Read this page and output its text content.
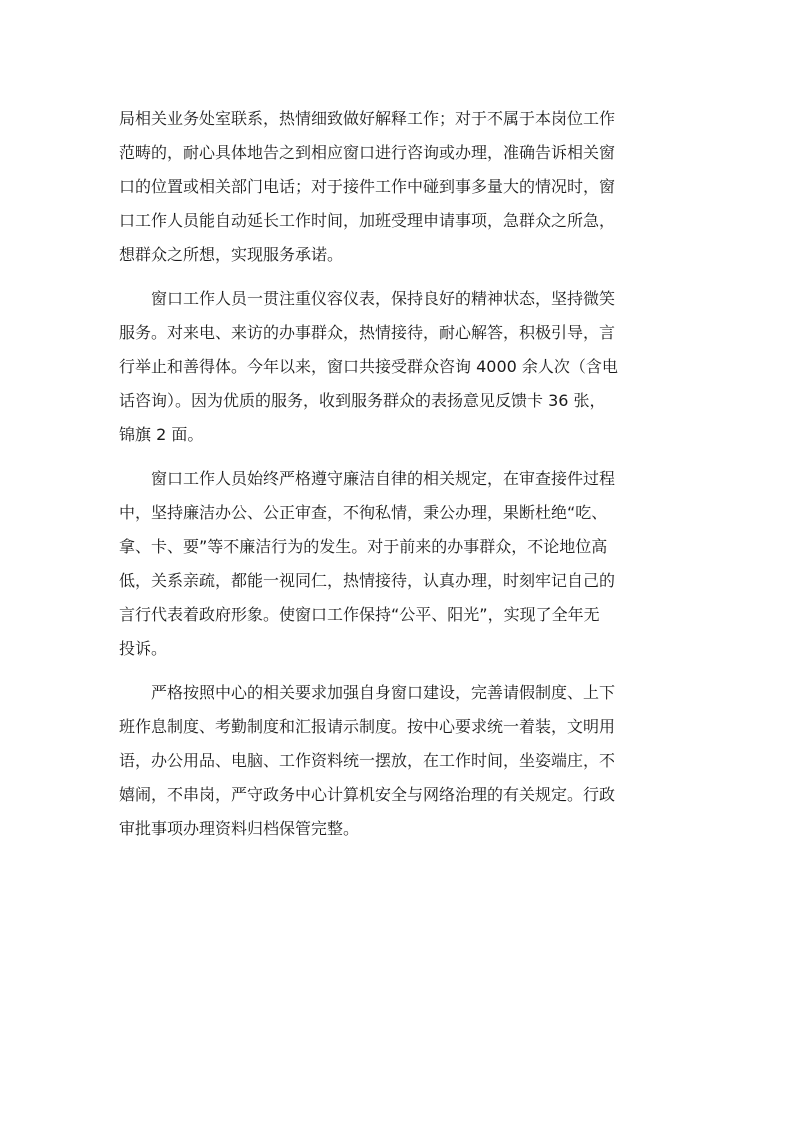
局相关业务处室联系，热情细致做好解释工作；对于不属于本岗位工作
范畴的，耐心具体地告之到相应窗口进行咨询或办理，准确告诉相关窗
口的位置或相关部门电话；对于接件工作中碰到事多量大的情况时，窗
口工作人员能自动延长工作时间，加班受理申请事项，急群众之所急，
想群众之所想，实现服务承诺。
窗口工作人员一贯注重仪容仪表，保持良好的精神状态，坚持微笑
服务。对来电、来访的办事群众，热情接待，耐心解答，积极引导，言
行举止和善得体。今年以来，窗口共接受群众咨询 4000 余人次（含电
话咨询）。因为优质的服务，收到服务群众的表扬意见反馈卡 36 张，
锦旗 2 面。
窗口工作人员始终严格遵守廉洁自律的相关规定，在审查接件过程
中，坚持廉洁办公、公正审查，不徇私情，秉公办理，果断杜绝“吃、
拿、卡、要”等不廉洁行为的发生。对于前来的办事群众，不论地位高
低，关系亲疏，都能一视同仁，热情接待，认真办理，时刻牢记自己的
言行代表着政府形象。使窗口工作保持“公平、阳光”，实现了全年无
投诉。
严格按照中心的相关要求加强自身窗口建设，完善请假制度、上下
班作息制度、考勤制度和汇报请示制度。按中心要求统一着装，文明用
语，办公用品、电脑、工作资料统一摆放，在工作时间，坐姿端庄，不
嬉闹，不串岗，严守政务中心计算机安全与网络治理的有关规定。行政
审批事项办理资料归档保管完整。
